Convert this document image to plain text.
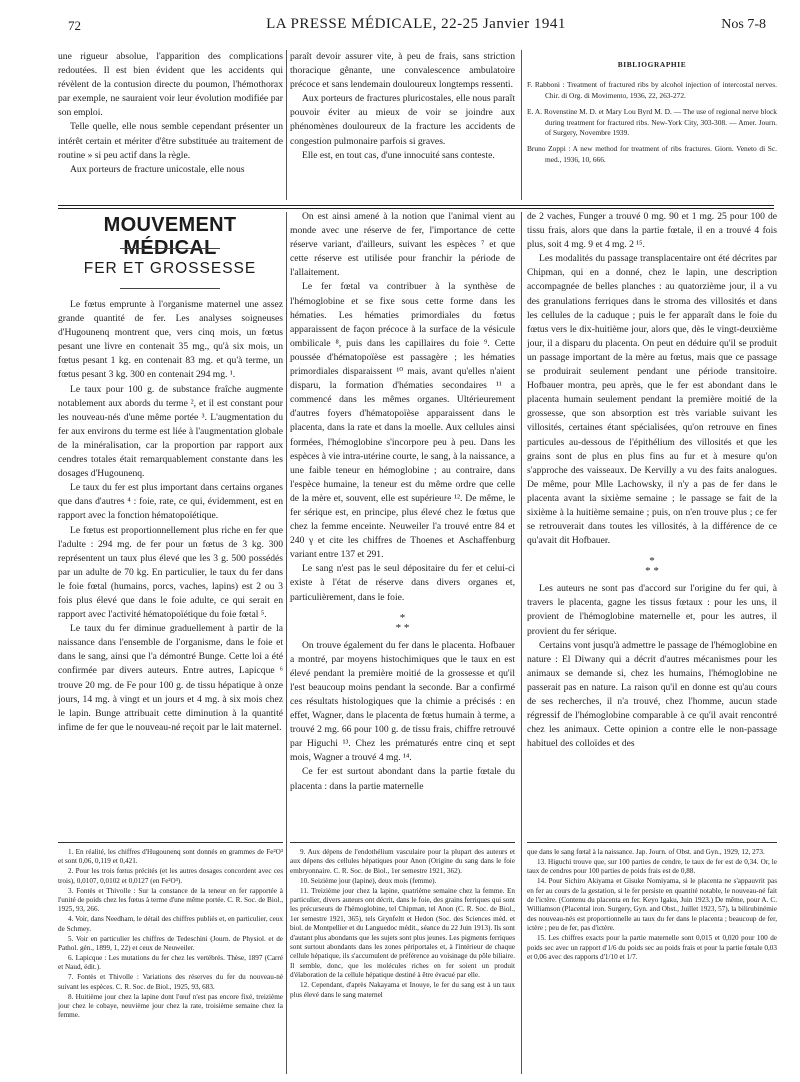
72	LA PRESSE MÉDICALE, 22-25 Janvier 1941	Nos 7-8

une rigueur absolue, l'apparition des complications redoutées. Il est bien évident que les accidents qui révèlent de la contusion directe du poumon, l'hémothorax par exemple, ne sauraient voir leur évolution modifiée par son emploi.

Telle quelle, elle nous semble cependant présenter un intérêt certain et mériter d'être substituée au traitement de routine » si peu actif dans la règle.

Aux porteurs de fracture unicostale, elle nous

paraît devoir assurer vite, à peu de frais, sans striction thoracique gênante, une convalescence ambulatoire précoce et sans lendemain douloureux longtemps ressenti.

Aux porteurs de fractures pluricostales, elle nous paraît pouvoir éviter au mieux de voir se joindre aux phénomènes douloureux de la fracture les accidents de congestion pulmonaire parfois si graves.

Elle est, en tout cas, d'une innocuité sans conteste.

BIBLIOGRAPHIE
F. Rabboni : Treatment of fractured ribs by alcohol injection of intercostal nerves. Chir. di Org. di Movimento, 1936, 22, 263-272.
E. A. Rovenstine M. D. et Mary Lou Byrd M. D. — The use of regional nerve block during treatment for fractured ribs. New-York City, 303-308. — Amer. Journ. of Surgery, Novembre 1939.
Bruno Zoppi : A new method for treatment of ribs fractures. Giorn. Veneto di Sc. med., 1936, 10, 666.
MOUVEMENT MÉDICAL
FER ET GROSSESSE

Le fœtus emprunte à l'organisme maternel une assez grande quantité de fer. Les analyses soigneuses d'Hugounenq montrent que, vers cinq mois, un fœtus pesant une livre en contenait 35 mg., qu'à six mois, un fœtus pesant 1 kg. en contenait 83 mg. et qu'à terme, un fœtus pesant 3 kg. 300 en contenait 294 mg. ¹.

Le taux pour 100 g. de substance fraîche augmente notablement aux abords du terme ², et il est constant pour les nouveau-nés d'une même portée ³. L'augmentation du fer aux environs du terme est liée à l'augmentation globale de la minéralisation, car la proportion par rapport aux cendres totales était remarquablement constante dans les dosages d'Hugounenq.

Le taux du fer est plus important dans certains organes que dans d'autres ⁴ : foie, rate, ce qui, évidemment, est en rapport avec la fonction hématopoïétique.

Le fœtus est proportionnellement plus riche en fer que l'adulte : 294 mg. de fer pour un fœtus de 3 kg. 300 représentent un taux plus élevé que les 3 g. 500 possédés par un adulte de 70 kg. En particulier, le taux du fer dans le foie fœtal (humains, porcs, vaches, lapins) est 2 ou 3 fois plus élevé que dans le foie adulte, ce qui serait en rapport avec l'activité hématopoïétique du foie fœtal ⁵.

Le taux du fer diminue graduellement à partir de la naissance dans l'ensemble de l'organisme, dans le foie et dans le sang, ainsi que l'a démontré Bunge. Cette loi a été confirmée par divers auteurs. Entre autres, Lapicque ⁶ trouve 20 mg. de Fe pour 100 g. de tissu hépatique à onze jours, 14 mg. à vingt et un jours et 4 mg. à six mois chez le lapin. Bunge attribuait cette diminution à la quantité infime de fer que le nouveau-né reçoit par le lait maternel.

On est ainsi amené à la notion que l'animal vient au monde avec une réserve de fer, l'importance de cette réserve variant, d'ailleurs, suivant les espèces ⁷ et que cette réserve est utilisée pour franchir la période de l'allaitement.

Le fer fœtal va contribuer à la synthèse de l'hémoglobine et se fixe sous cette forme dans les hématies. Les hématies primordiales du fœtus apparaissent de façon précoce à la surface de la vésicule ombilicale ⁸, puis dans les capillaires du foie ⁹. Cette poussée d'hématopoïèse est passagère ; les hématies primordiales disparaissent ¹⁰ mais, avant qu'elles n'aient disparu, la formation d'hématies secondaires ¹¹ a commencé dans les mêmes organes. Ultérieurement d'autres foyers d'hématopoïèse apparaissent dans le placenta, dans la rate et dans la moelle. Aux cellules ainsi formées, l'hémoglobine s'incorpore peu à peu. Dans les espèces à vie intra-utérine courte, le sang, à la naissance, a une faible teneur en hémoglobine ; au contraire, dans l'espèce humaine, la teneur est du même ordre que celle de la mère et, souvent, elle est supérieure ¹². De même, le fer sérique est, en principe, plus élevé chez le fœtus que chez la femme enceinte. Neuweiler l'a trouvé entre 84 et 240 γ et cite les chiffres de Thoenes et Aschaffenburg variant entre 137 et 291.

Le sang n'est pas le seul dépositaire du fer et celui-ci existe à l'état de réserve dans divers organes et, particulièrement, dans le foie.

*
* *

On trouve également du fer dans le placenta. Hofbauer a montré, par moyens histochimiques que le taux en est élevé pendant la première moitié de la grossesse et qu'il l'est beaucoup moins pendant la seconde. Bar a confirmé ces résultats histologiques que la chimie a précisés : en effet, Wagner, dans le placenta de fœtus humain à terme, a trouvé 2 mg. 66 pour 100 g. de tissu frais, chiffre retrouvé par Higuchi ¹³. Chez les prématurés entre cinq et sept mois, Wagner a trouvé 4 mg. ¹⁴.

Ce fer est surtout abondant dans la partie fœtale du placenta : dans la partie maternelle

de 2 vaches, Funger a trouvé 0 mg. 90 et 1 mg. 25 pour 100 de tissu frais, alors que dans la partie fœtale, il en a trouvé 4 fois plus, soit 4 mg. 9 et 4 mg. 2 ¹⁵.

Les modalités du passage transplacentaire ont été décrites par Chipman, qui en a donné, chez le lapin, une description accompagnée de belles planches : au quatorzième jour, il a vu des granulations ferriques dans le stroma des villosités et dans les cellules de la caduque ; puis le fer apparaît dans le foie du fœtus vers le dix-huitième jour, alors que, dès le vingt-deuxième jour, il a disparu du placenta. On peut en déduire qu'il se produit un passage important de la mère au fœtus, mais que ce passage se produirait seulement pendant une période transitoire. Hofbauer montra, peu après, que le fer est abondant dans le placenta humain seulement pendant la première moitié de la grossesse, que son absorption est très variable suivant les villosités, certaines étant spécialisées, qu'on retrouve en fines particules au-dessous de l'épithélium des villosités et que les grains sont de plus en plus fins au fur et à mesure qu'on s'approche des vaisseaux. De Kervilly a vu des faits analogues. De même, pour Mlle Lachowsky, il n'y a pas de fer dans le placenta avant la sixième semaine ; le passage se fait de la sixième à la huitième semaine ; puis, on n'en trouve plus ; ce fer se retrouverait dans toutes les villosités, à la différence de ce qu'avait dit Hofbauer.

*
* *

Les auteurs ne sont pas d'accord sur l'origine du fer qui, à travers le placenta, gagne les tissus fœtaux : pour les uns, il provient de l'hémoglobine maternelle et, pour les autres, il provient du fer sérique.

Certains vont jusqu'à admettre le passage de l'hémoglobine en nature : El Diwany qui a décrit d'autres mécanismes pour les animaux se demande si, chez les humains, l'hémoglobine ne passerait pas en nature. La raison qu'il en donne est qu'au cours de ses recherches, il n'a trouvé, chez l'homme, aucun stade régressif de l'hémoglobine comparable à ce qu'il avait rencontré chez les animaux. Cette opinion a contre elle le non-passage habituel des colloïdes et des

1. En réalité, les chiffres d'Hugounenq sont donnés en grammes de Fe²O³ et sont 0,06, 0,119 et 0,421.

2. Pour les trois fœtus précités (et les autres dosages concordent avec ces trois), 0,0107, 0,0102 et 0,0127 (en Fe²O³).

3. Fontès et Thivolle : Sur la constance de la teneur en fer rapportée à l'unité de poids chez les fœtus à terme d'une même portée. C. R. Soc. de Biol., 1925, 93, 266.

4. Voir, dans Needham, le détail des chiffres publiés et, en particulier, ceux de Schmey.

5. Voir en particulier les chiffres de Tedeschini (Journ. de Physiol. et de Pathol. gén., 1899, 1, 22) et ceux de Neuweiler.

6. Lapicque : Les mutations du fer chez les vertébrés. Thèse, 1897 (Carré et Naud, édit.).

7. Fontès et Thivolle : Variations des réserves du fer du nouveau-né suivant les espèces. C. R. Soc. de Biol., 1925, 93, 683.

8. Huitième jour chez la lapine dont l'œuf n'est pas encore fixé, treizième jour chez le cobaye, neuvième jour chez la rate, troisième semaine chez la femme.

9. Aux dépens de l'endothélium vasculaire pour la plupart des auteurs et aux dépens des cellules hépatiques pour Anon (Origine du sang dans le foie embryonnaire. C. R. Soc. de Biol., 1er semestre 1921, 362).

10. Seizième jour (lapine), deux mois (femme).

11. Treizième jour chez la lapine, quatrième semaine chez la femme. En particulier, divers auteurs ont décrit, dans le foie, des grains ferriques qui sont les précurseurs de l'hémoglobine, tel Chipman, tel Anon (C. R. Soc. de Biol., 1er semestre 1921, 365), tels Grynfeltt et Hedon (Soc. des Sciences méd. et biol. de Montpellier et du Languedoc médit., séance du 22 Juin 1913). Ils sont d'autant plus abondants que les sujets sont plus jeunes. Les pigments ferriques sont surtout abondants dans les zones périportales et, à l'intérieur de chaque cellule hépatique, ils s'accumulent de préférence au voisinage du pôle biliaire. Il semble, donc, que les molécules riches en fer soient un produit d'élaboration de la cellule hépatique destiné à être évacué par elle.

12. Cependant, d'après Nakayama et Inouye, le fer du sang est à un taux plus élevé dans le sang maternel

que dans le sang fœtal à la naissance. Jap. Journ. of Obst. and Gyn., 1929, 12, 273.

13. Higuchi trouve que, sur 100 parties de cendre, le taux de fer est de 0,34. Or, le taux de cendres pour 100 parties de poids frais est de 0,88.

14. Pour Sichiro Akiyama et Gisuke Nomiyama, si le placenta ne s'appauvrit pas en fer au cours de la gestation, si le fer persiste en quantité notable, le nouveau-né fait de l'ictère. (Contenu du placenta en fer. Keyo Igaku, Juin 1923.) De même, pour A. C. Williamson (Placental iron. Surgery, Gyn. and Obst., Juillet 1923, 57), la bilirubinémie des nouveau-nés est proportionnelle au taux du fer dans le placenta ; beaucoup de fer, ictère ; peu de fer, pas d'ictère.

15. Les chiffres exacts pour la partie maternelle sont 0,015 et 0,020 pour 100 de poids sec avec un rapport d'1/6 du poids sec au poids frais et pour la partie fœtale 0,03 et 0,06 avec des rapports d'1/10 et 1/7.
